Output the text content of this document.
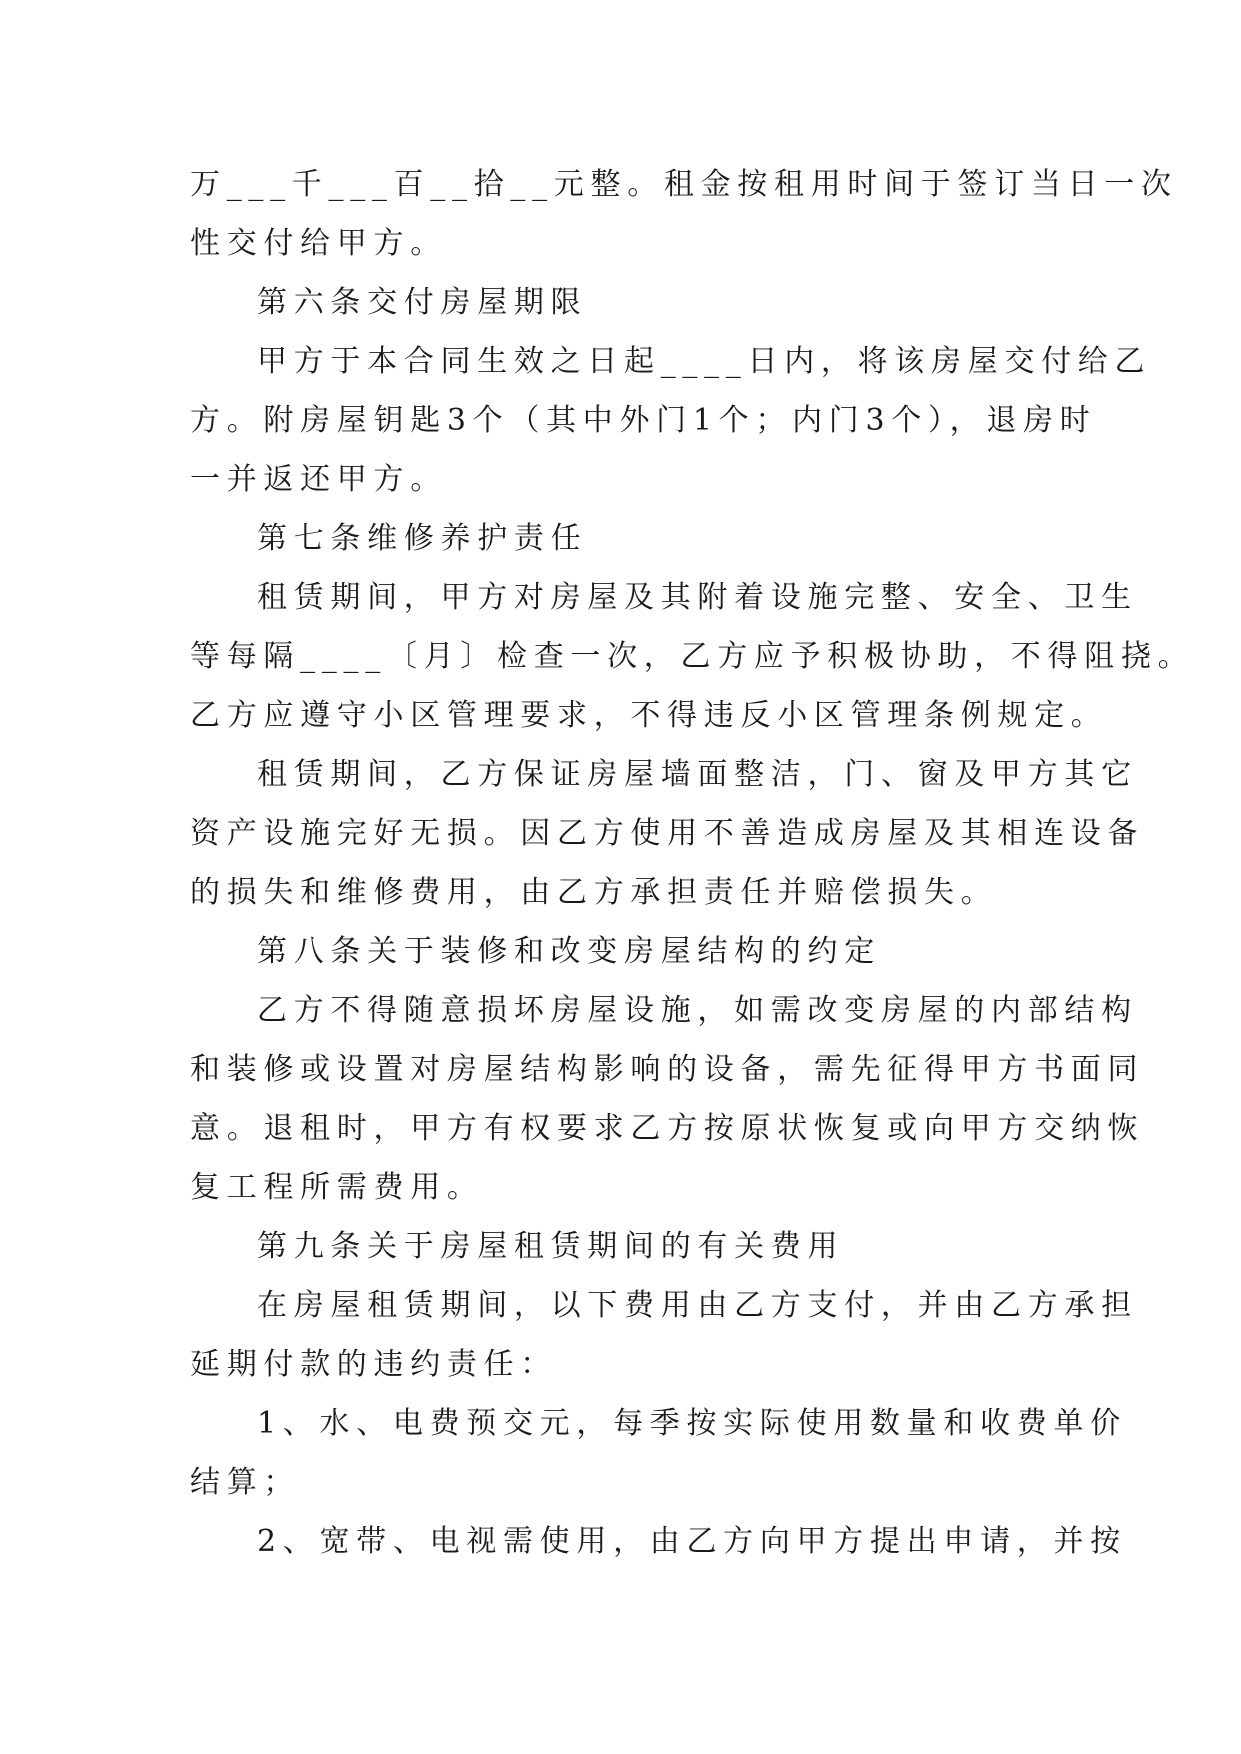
万___千___百__拾__元整。租金按租用时间于签订当日一次
性交付给甲方。

第六条交付房屋期限

甲方于本合同生效之日起____日内，将该房屋交付给乙
方。附房屋钥匙3个（其中外门1个；内门3个），退房时
一并返还甲方。

第七条维修养护责任

租赁期间，甲方对房屋及其附着设施完整、安全、卫生
等每隔____〔月〕检查一次，乙方应予积极协助，不得阻挠。
乙方应遵守小区管理要求，不得违反小区管理条例规定。

租赁期间，乙方保证房屋墙面整洁，门、窗及甲方其它
资产设施完好无损。因乙方使用不善造成房屋及其相连设备
的损失和维修费用，由乙方承担责任并赔偿损失。

第八条关于装修和改变房屋结构的约定

乙方不得随意损坏房屋设施，如需改变房屋的内部结构
和装修或设置对房屋结构影响的设备，需先征得甲方书面同
意。退租时，甲方有权要求乙方按原状恢复或向甲方交纳恢
复工程所需费用。

第九条关于房屋租赁期间的有关费用

在房屋租赁期间，以下费用由乙方支付，并由乙方承担
延期付款的违约责任：

1、水、电费预交元，每季按实际使用数量和收费单价
结算；

2、宽带、电视需使用，由乙方向甲方提出申请，并按
